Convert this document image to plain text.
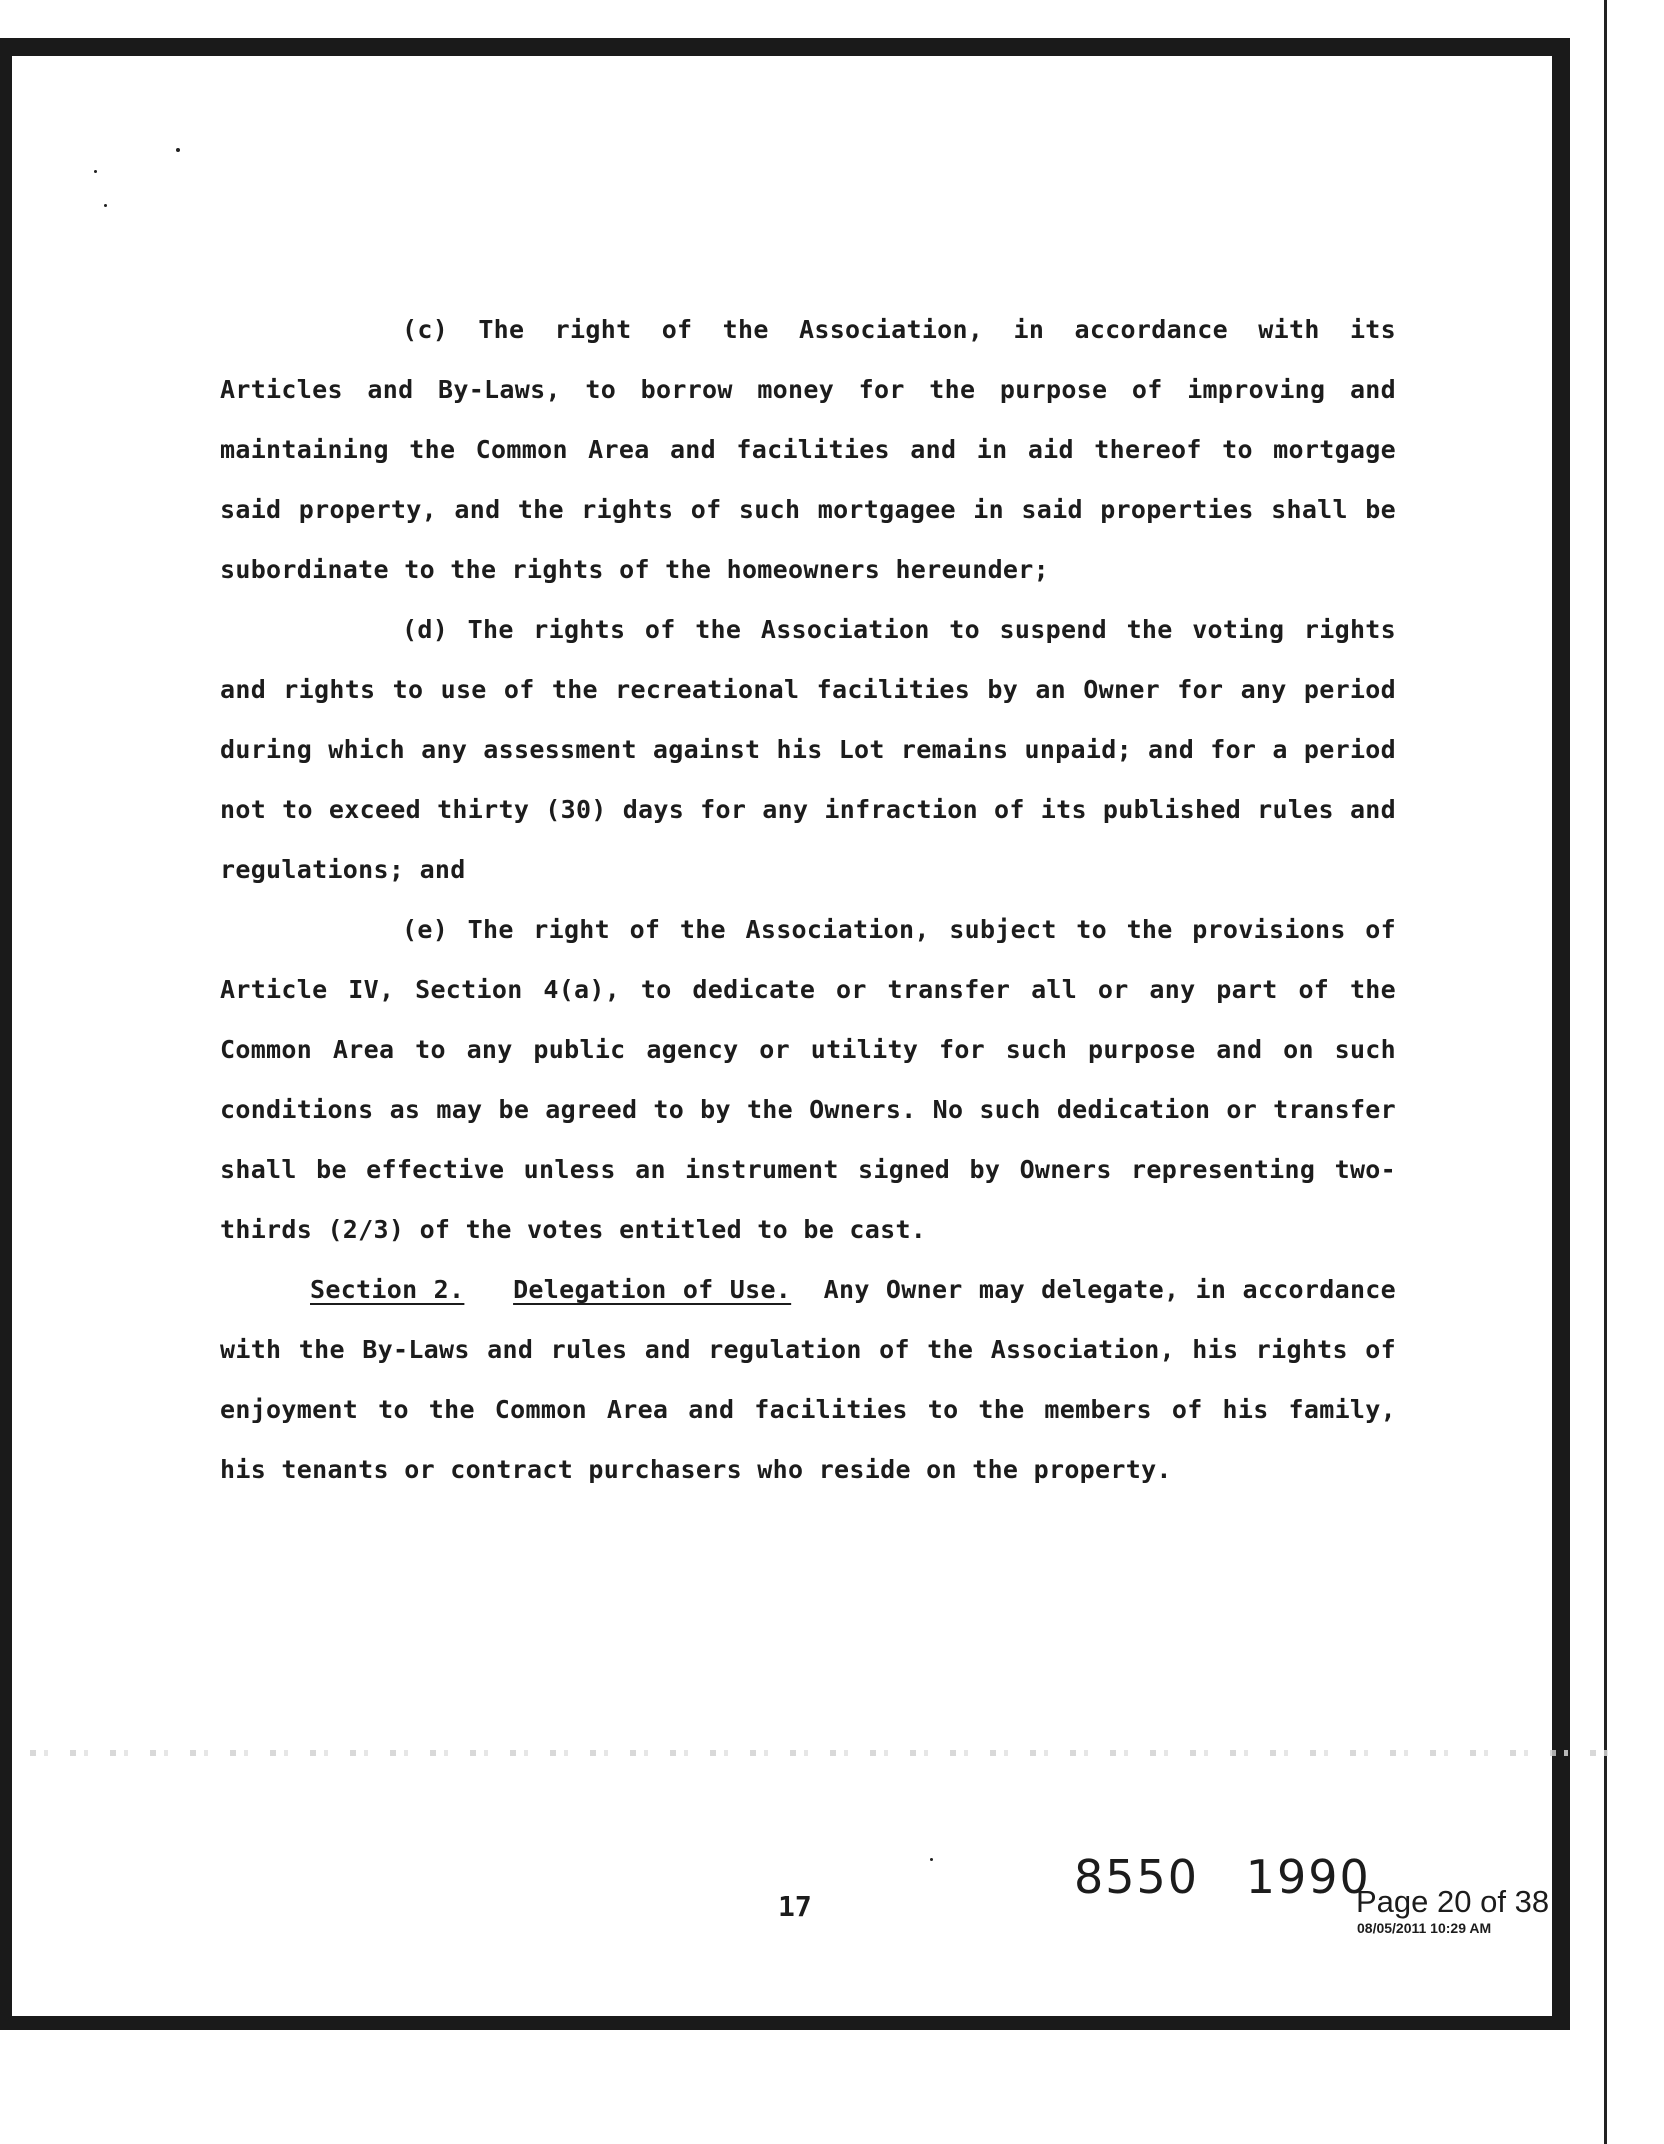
(c) The right of the Association, in accordance with its Articles and By-Laws, to borrow money for the purpose of improving and maintaining the Common Area and facilities and in aid thereof to mortgage said property, and the rights of such mortgagee in said properties shall be subordinate to the rights of the homeowners hereunder;

(d) The rights of the Association to suspend the voting rights and rights to use of the recreational facilities by an Owner for any period during which any assessment against his Lot remains unpaid; and for a period not to exceed thirty (30) days for any infraction of its published rules and regulations; and

(e) The right of the Association, subject to the provisions of Article IV, Section 4(a), to dedicate or transfer all or any part of the Common Area to any public agency or utility for such purpose and on such conditions as may be agreed to by the Owners. No such dedication or transfer shall be effective unless an instrument signed by Owners representing two-thirds (2/3) of the votes entitled to be cast.

Section 2. Delegation of Use. Any Owner may delegate, in accordance with the By-Laws and rules and regulation of the Association, his rights of enjoyment to the Common Area and facilities to the members of his family, his tenants or contract purchasers who reside on the property.

17
8550 1990
Page 20 of 38
08/05/2011 10:29 AM
